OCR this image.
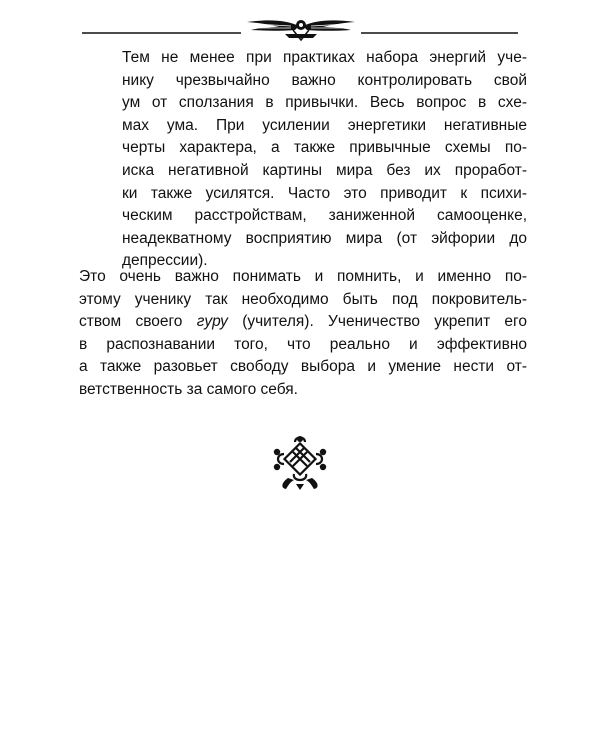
Тем не менее при практиках набора энергий уче-
нику чрезвычайно важно контролировать свой
ум от сползания в привычки. Весь вопрос в схе-
мах ума. При усилении энергетики негативные
черты характера, а также привычные схемы по-
иска негативной картины мира без их проработ-
ки также усилятся. Часто это приводит к психи-
ческим расстройствам, заниженной самооценке,
неадекватному восприятию мира (от эйфории до
депрессии).
Это очень важно понимать и помнить, и именно по-
этому ученику так необходимо быть под покровитель-
ством своего гуру (учителя). Ученичество укрепит его
в распознавании того, что реально и эффективно
а также разовьет свободу выбора и умение нести от-
ветственность за самого себя.
